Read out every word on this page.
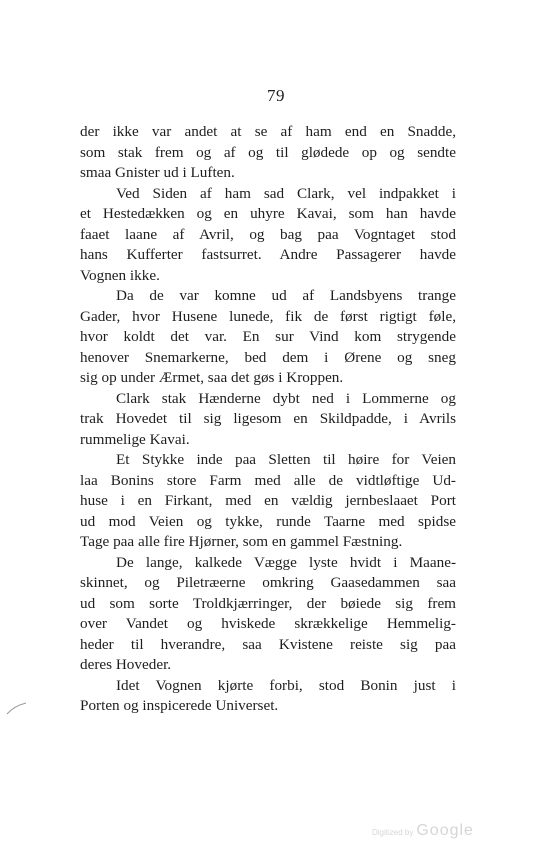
79
der ikke var andet at se af ham end en Snadde,
som stak frem og af og til glødede op og sendte
smaa Gnister ud i Luften.
Ved Siden af ham sad Clark, vel indpakket i
et Hestedækken og en uhyre Kavai, som han havde
faaet laane af Avril, og bag paa Vogntaget stod
hans Kufferter fastsurret. Andre Passagerer havde
Vognen ikke.
Da de var komne ud af Landsbyens trange
Gader, hvor Husene lunede, fik de først rigtigt føle,
hvor koldt det var. En sur Vind kom strygende
henover Snemarkerne, bed dem i Ørene og sneg
sig op under Ærmet, saa det gøs i Kroppen.
Clark stak Hænderne dybt ned i Lommerne og
trak Hovedet til sig ligesom en Skildpadde, i Avrils
rummelige Kavai.
Et Stykke inde paa Sletten til høire for Veien
laa Bonins store Farm med alle de vidtløftige Ud-
huse i en Firkant, med en vældig jernbeslaaet Port
ud mod Veien og tykke, runde Taarne med spidse
Tage paa alle fire Hjørner, som en gammel Fæstning.
De lange, kalkede Vægge lyste hvidt i Maane-
skinnet, og Piletræerne omkring Gaasedammen saa
ud som sorte Troldkjærringer, der bøiede sig frem
over Vandet og hviskede skrækkelige Hemmelig-
heder til hverandre, saa Kvistene reiste sig paa
deres Hoveder.
Idet Vognen kjørte forbi, stod Bonin just i
Porten og inspicerede Universet.
Digitized by Google
